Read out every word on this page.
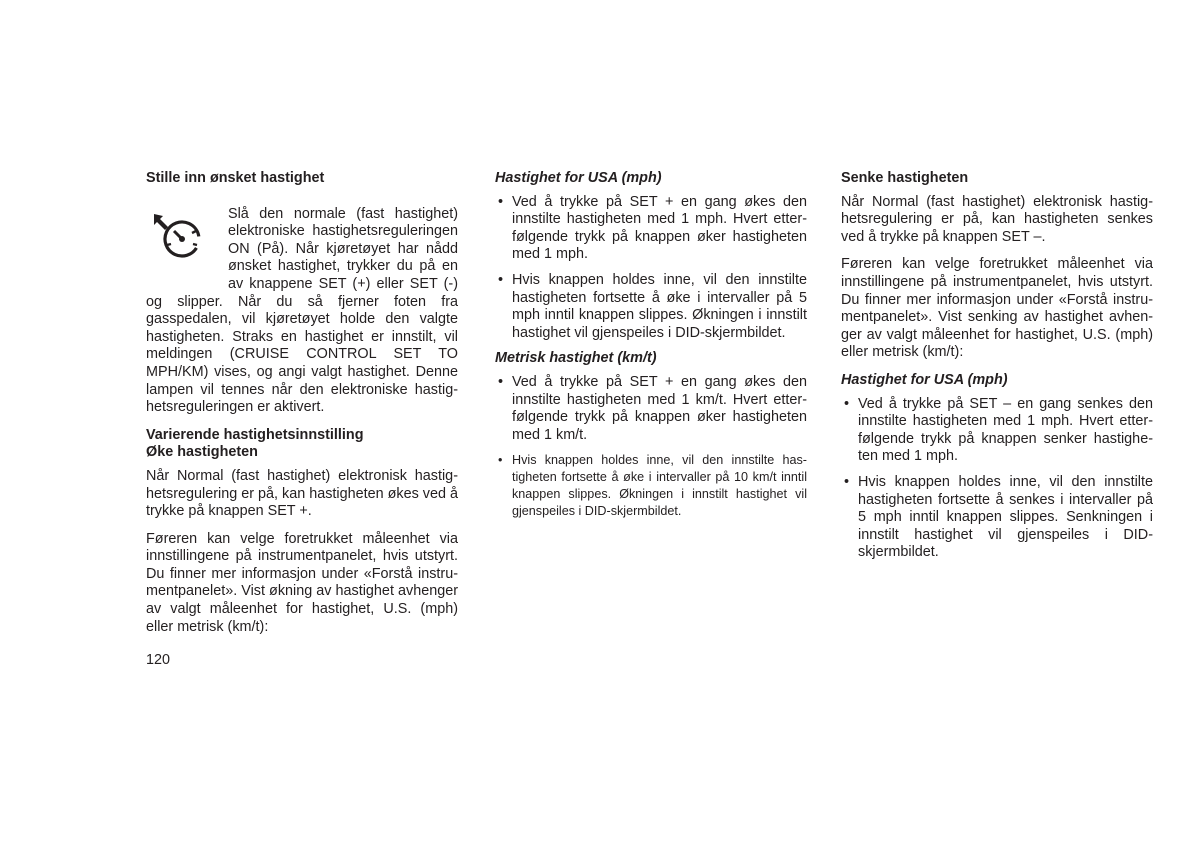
Stille inn ønsket hastighet

Slå den normale (fast hastighet) elektroniske hastighetsreguleringen ON (På). Når kjøretøyet har nådd ønsket hastighet, trykker du på en av knappene SET (+) eller SET (-) og slipper. Når du så fjerner foten fra gasspedalen, vil kjøretøyet holde den valgte hastigheten. Straks en hastighet er innstilt, vil meldingen (CRUISE CONTROL SET TO MPH/KM) vises, og angi valgt hastighet. Denne lampen vil tennes når den elektroniske hastighetsreguleringen er aktivert.

Varierende hastighetsinnstilling
Øke hastigheten

Når Normal (fast hastighet) elektronisk hastighetsregulering er på, kan hastigheten økes ved å trykke på knappen SET +.

Føreren kan velge foretrukket måleenhet via innstillingene på instrumentpanelet, hvis utstyrt. Du finner mer informasjon under «Forstå instrumentpanelet». Vist økning av hastighet avhenger av valgt måleenhet for hastighet, U.S. (mph) eller metrisk (km/t):

Hastighet for USA (mph)
• Ved å trykke på SET + en gang økes den innstilte hastigheten med 1 mph. Hvert etterfølgende trykk på knappen øker hastigheten med 1 mph.
• Hvis knappen holdes inne, vil den innstilte hastigheten fortsette å øke i intervaller på 5 mph inntil knappen slippes. Økningen i innstilt hastighet vil gjenspeiles i DID-skjermbildet.
Metrisk hastighet (km/t)
• Ved å trykke på SET + en gang økes den innstilte hastigheten med 1 km/t. Hvert etterfølgende trykk på knappen øker hastigheten med 1 km/t.
• Hvis knappen holdes inne, vil den innstilte hastigheten fortsette å øke i intervaller på 10 km/t inntil knappen slippes. Økningen i innstilt hastighet vil gjenspeiles i DID-skjermbildet.
Senke hastigheten

Når Normal (fast hastighet) elektronisk hastighetsregulering er på, kan hastigheten senkes ved å trykke på knappen SET –.

Føreren kan velge foretrukket måleenhet via innstillingene på instrumentpanelet, hvis utstyrt. Du finner mer informasjon under «Forstå instrumentpanelet». Vist senking av hastighet avhenger av valgt måleenhet for hastighet, U.S. (mph) eller metrisk (km/t):

Hastighet for USA (mph)
• Ved å trykke på SET – en gang senkes den innstilte hastigheten med 1 mph. Hvert etterfølgende trykk på knappen senker hastigheten med 1 mph.
• Hvis knappen holdes inne, vil den innstilte hastigheten fortsette å senkes i intervaller på 5 mph inntil knappen slippes. Senkningen i innstilt hastighet vil gjenspeiles i DID-skjermbildet.
120
